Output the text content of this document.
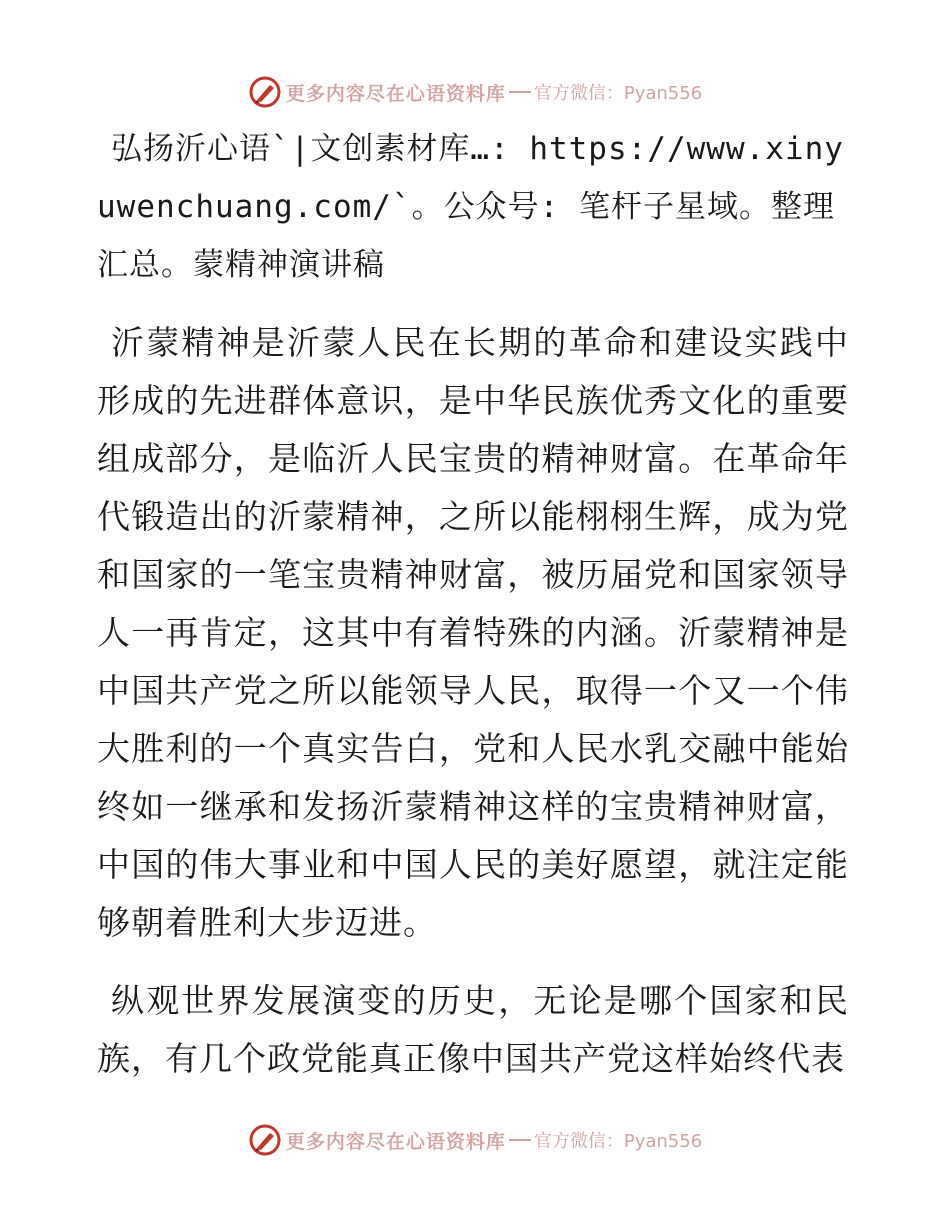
更多内容尽在心语资料库 官方微信：Pyan556

弘扬沂心语`|文创素材库…: https://www.xinyuwenchuang.com/`。公众号: 笔杆子星域。整理汇总。蒙精神演讲稿

沂蒙精神是沂蒙人民在长期的革命和建设实践中形成的先进群体意识，是中华民族优秀文化的重要组成部分，是临沂人民宝贵的精神财富。在革命年代锻造出的沂蒙精神，之所以能栩栩生辉，成为党和国家的一笔宝贵精神财富，被历届党和国家领导人一再肯定，这其中有着特殊的内涵。沂蒙精神是中国共产党之所以能领导人民，取得一个又一个伟大胜利的一个真实告白，党和人民水乳交融中能始终如一继承和发扬沂蒙精神这样的宝贵精神财富，中国的伟大事业和中国人民的美好愿望，就注定能够朝着胜利大步迈进。

纵观世界发展演变的历史，无论是哪个国家和民族，有几个政党能真正像中国共产党这样始终代表

更多内容尽在心语资料库 官方微信：Pyan556
